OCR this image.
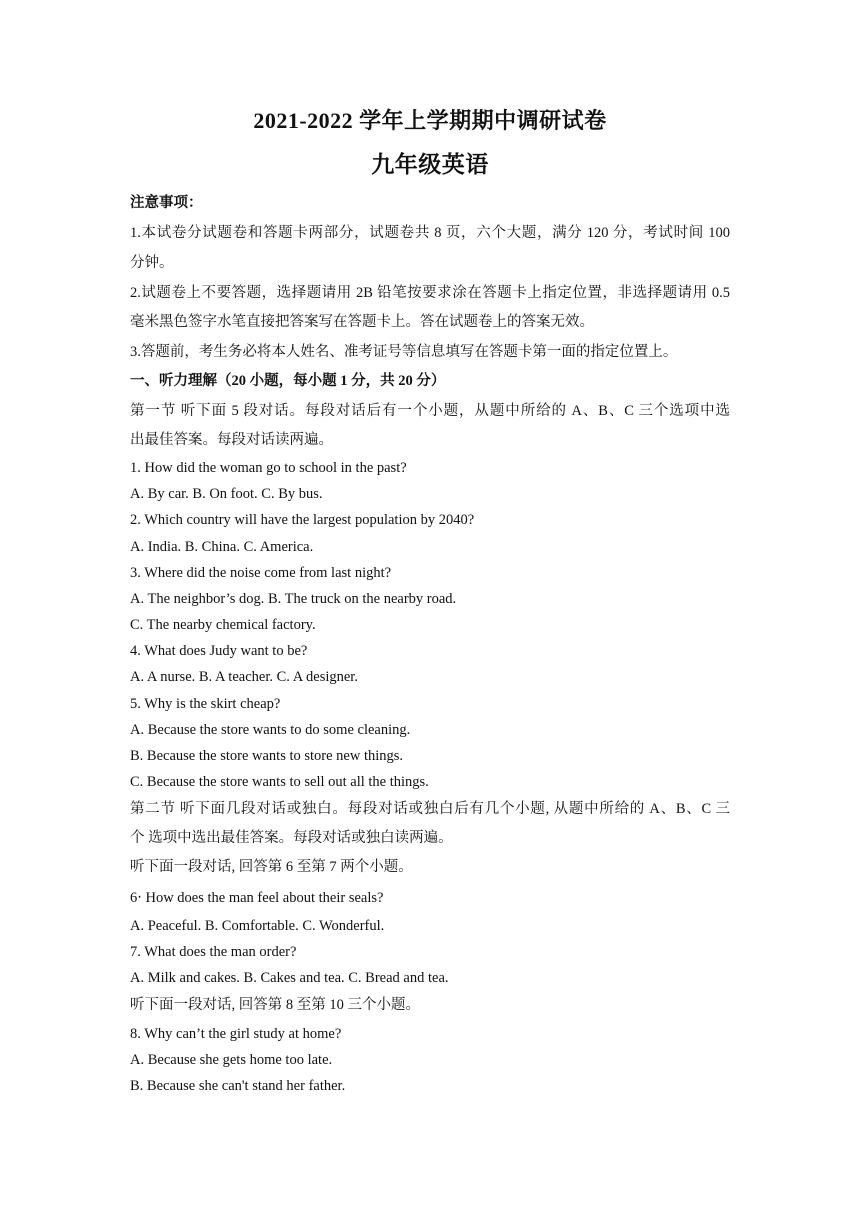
2021-2022 学年上学期期中调研试卷
九年级英语
注意事项：
1.本试卷分试题卷和答题卡两部分，试题卷共 8 页，六个大题，满分 120 分，考试时间 100
分钟。
2.试题卷上不要答题，选择题请用 2B 铅笔按要求涂在答题卡上指定位置，非选择题请用 0.5
毫米黑色签字水笔直接把答案写在答题卡上。答在试题卷上的答案无效。
3.答题前，考生务必将本人姓名、准考证号等信息填写在答题卡第一面的指定位置上。
一、听力理解（20 小题，每小题 1 分，共 20 分）
第一节 听下面 5 段对话。每段对话后有一个小题，从题中所给的 A、B、C 三个选项中选
出最佳答案。每段对话读两遍。
1. How did the woman go to school in the past?
A. By car. B. On foot. C. By bus.
2. Which country will have the largest population by 2040?
A. India. B. China. C. America.
3. Where did the noise come from last night?
A. The neighbor’s dog. B. The truck on the nearby road.
C. The nearby chemical factory.
4. What does Judy want to be?
A. A nurse. B. A teacher. C. A designer.
5. Why is the skirt cheap?
A. Because the store wants to do some cleaning.
B. Because the store wants to store new things.
C. Because the store wants to sell out all the things.
第二节 听下面几段对话或独白。每段对话或独白后有几个小题, 从题中所给的 A、B、C 三
个 选项中选出最佳答案。每段对话或独白读两遍。
听下面一段对话, 回答第 6 至第 7 两个小题。
6‧ How does the man feel about their seals?
A. Peaceful. B. Comfortable. C. Wonderful.
7. What does the man order?
A. Milk and cakes. B. Cakes and tea. C. Bread and tea.
听下面一段对话, 回答第 8 至第 10 三个小题。
8. Why can’t the girl study at home?
A. Because she gets home too late.
B. Because she can't stand her father.
